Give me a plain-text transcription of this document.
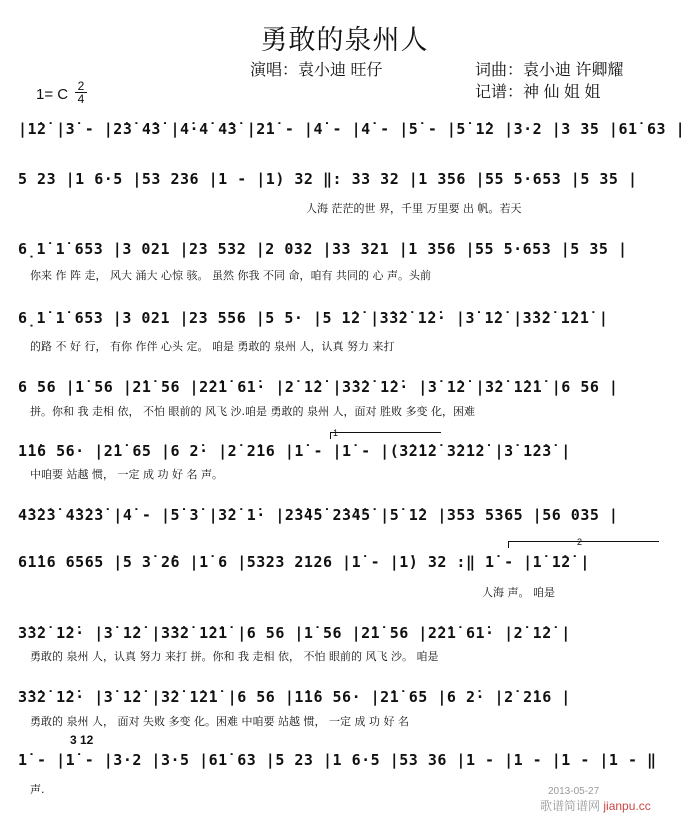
勇敢的泉州人
演唱：袁小迪 旺仔	词曲：袁小迪 许卿耀
记谱：神 仙 姐 姐
1= C 2
4
|1̇2̇ |3̇ - |2̇3̇ 4̇3̇ |4̇·4̇ 4̇3̇ |2̇1̇ - |4̇ - |4̇ - |5̇ - |5̇ 1̇2 |3·2 |3 35 |61̇ 63 |
5 23 |1 6·5 |53 236 |1 - |1) 32 ‖: 33 32 |1 356 |55 5·653 |5 35 |
人海 茫茫的世 界，千里 万里要 出 帆。若天
6̣1̇ 1̇ 653 |3 021 |23 532 |2 032 |33 321 |1 356 |55 5·653 |5 35 |
你来 作 阵 走， 风大 涌大 心惊 骇。 虽然 你我 不同 命，咱有 共同的 心 声。头前
6̣1̇ 1̇ 653 |3 021 |23 556 |5 5· |5 1̇2̇ |3̇3̇2̇ 1̇2̇· |3̇ 1̇2̇ |3̇3̇2̇ 1̇2̇1̇ |
的路 不 好 行， 有你 作伴 心头 定。 咱是 勇敢的 泉州 人，认真 努力 来打
6 56 |1̇ 56 |2̇1̇ 56 |2̇2̇1̇ 61̇· |2̇ 1̇2̇ |3̇3̇2̇ 1̇2̇· |3̇ 1̇2̇ |3̇2̇ 1̇2̇1̇ |6 56 |
拼。你和 我 走相 依， 不怕 眼前的 风飞 沙.咱是 勇敢的 泉州 人，面对 胜败 多变 化，困难
1
1̇1̇6 56· |2̇1̇ 65 |6 2̇· |2̇ 2̇16 |1̇ - |1̇ - |(3̇2̇1̇2̇ 3̇2̇1̇2̇ |3̇ 1̇2̇3̇ |
中咱要 站越 惯， 一定 成 功 好 名 声。
4̇3̇2̇3̇ 4̇3̇2̇3̇ |4̇ - |5̇ 3̇ |3̇2̇ 1̇· |2̇3̇4̇5̇ 2̇3̇4̇5̇ |5̇ 1̇2 |353 5365 |56 035 |
2
61̇16 6565 |5 3̇ 2̇6 |1̇ 6 |5323 2126 |1̇ - |1̇) 32 :‖ 1̇ - |1̇ 1̇2̇ |
人海 声。 咱是
3̇3̇2̇ 1̇2̇· |3̇ 1̇2̇ |3̇3̇2̇ 1̇2̇1̇ |6 56 |1̇ 56 |2̇1̇ 56 |2̇2̇1̇ 61̇· |2̇ 1̇2̇ |
勇敢的 泉州 人，认真 努力 来打 拼。你和 我 走相 依， 不怕 眼前的 风飞 沙。 咱是
3̇3̇2̇ 1̇2̇· |3̇ 1̇2̇ |3̇2̇ 1̇2̇1̇ |6 56 |1̇1̇6 56· |2̇1̇ 65 |6 2̇· |2̇ 2̇16 |
勇敢的 泉州 人， 面对 失败 多变 化。困难 中咱要 站越 惯， 一定 成 功 好 名
3 12
1̇ - |1̇ - |3·2 |3·5 |61̇ 63 |5 23 |1 6·5 |53 36 |1 - |1 - |1 - |1 - ‖
声.	2013-05-27
歌谱简谱网 jianpu.cc
